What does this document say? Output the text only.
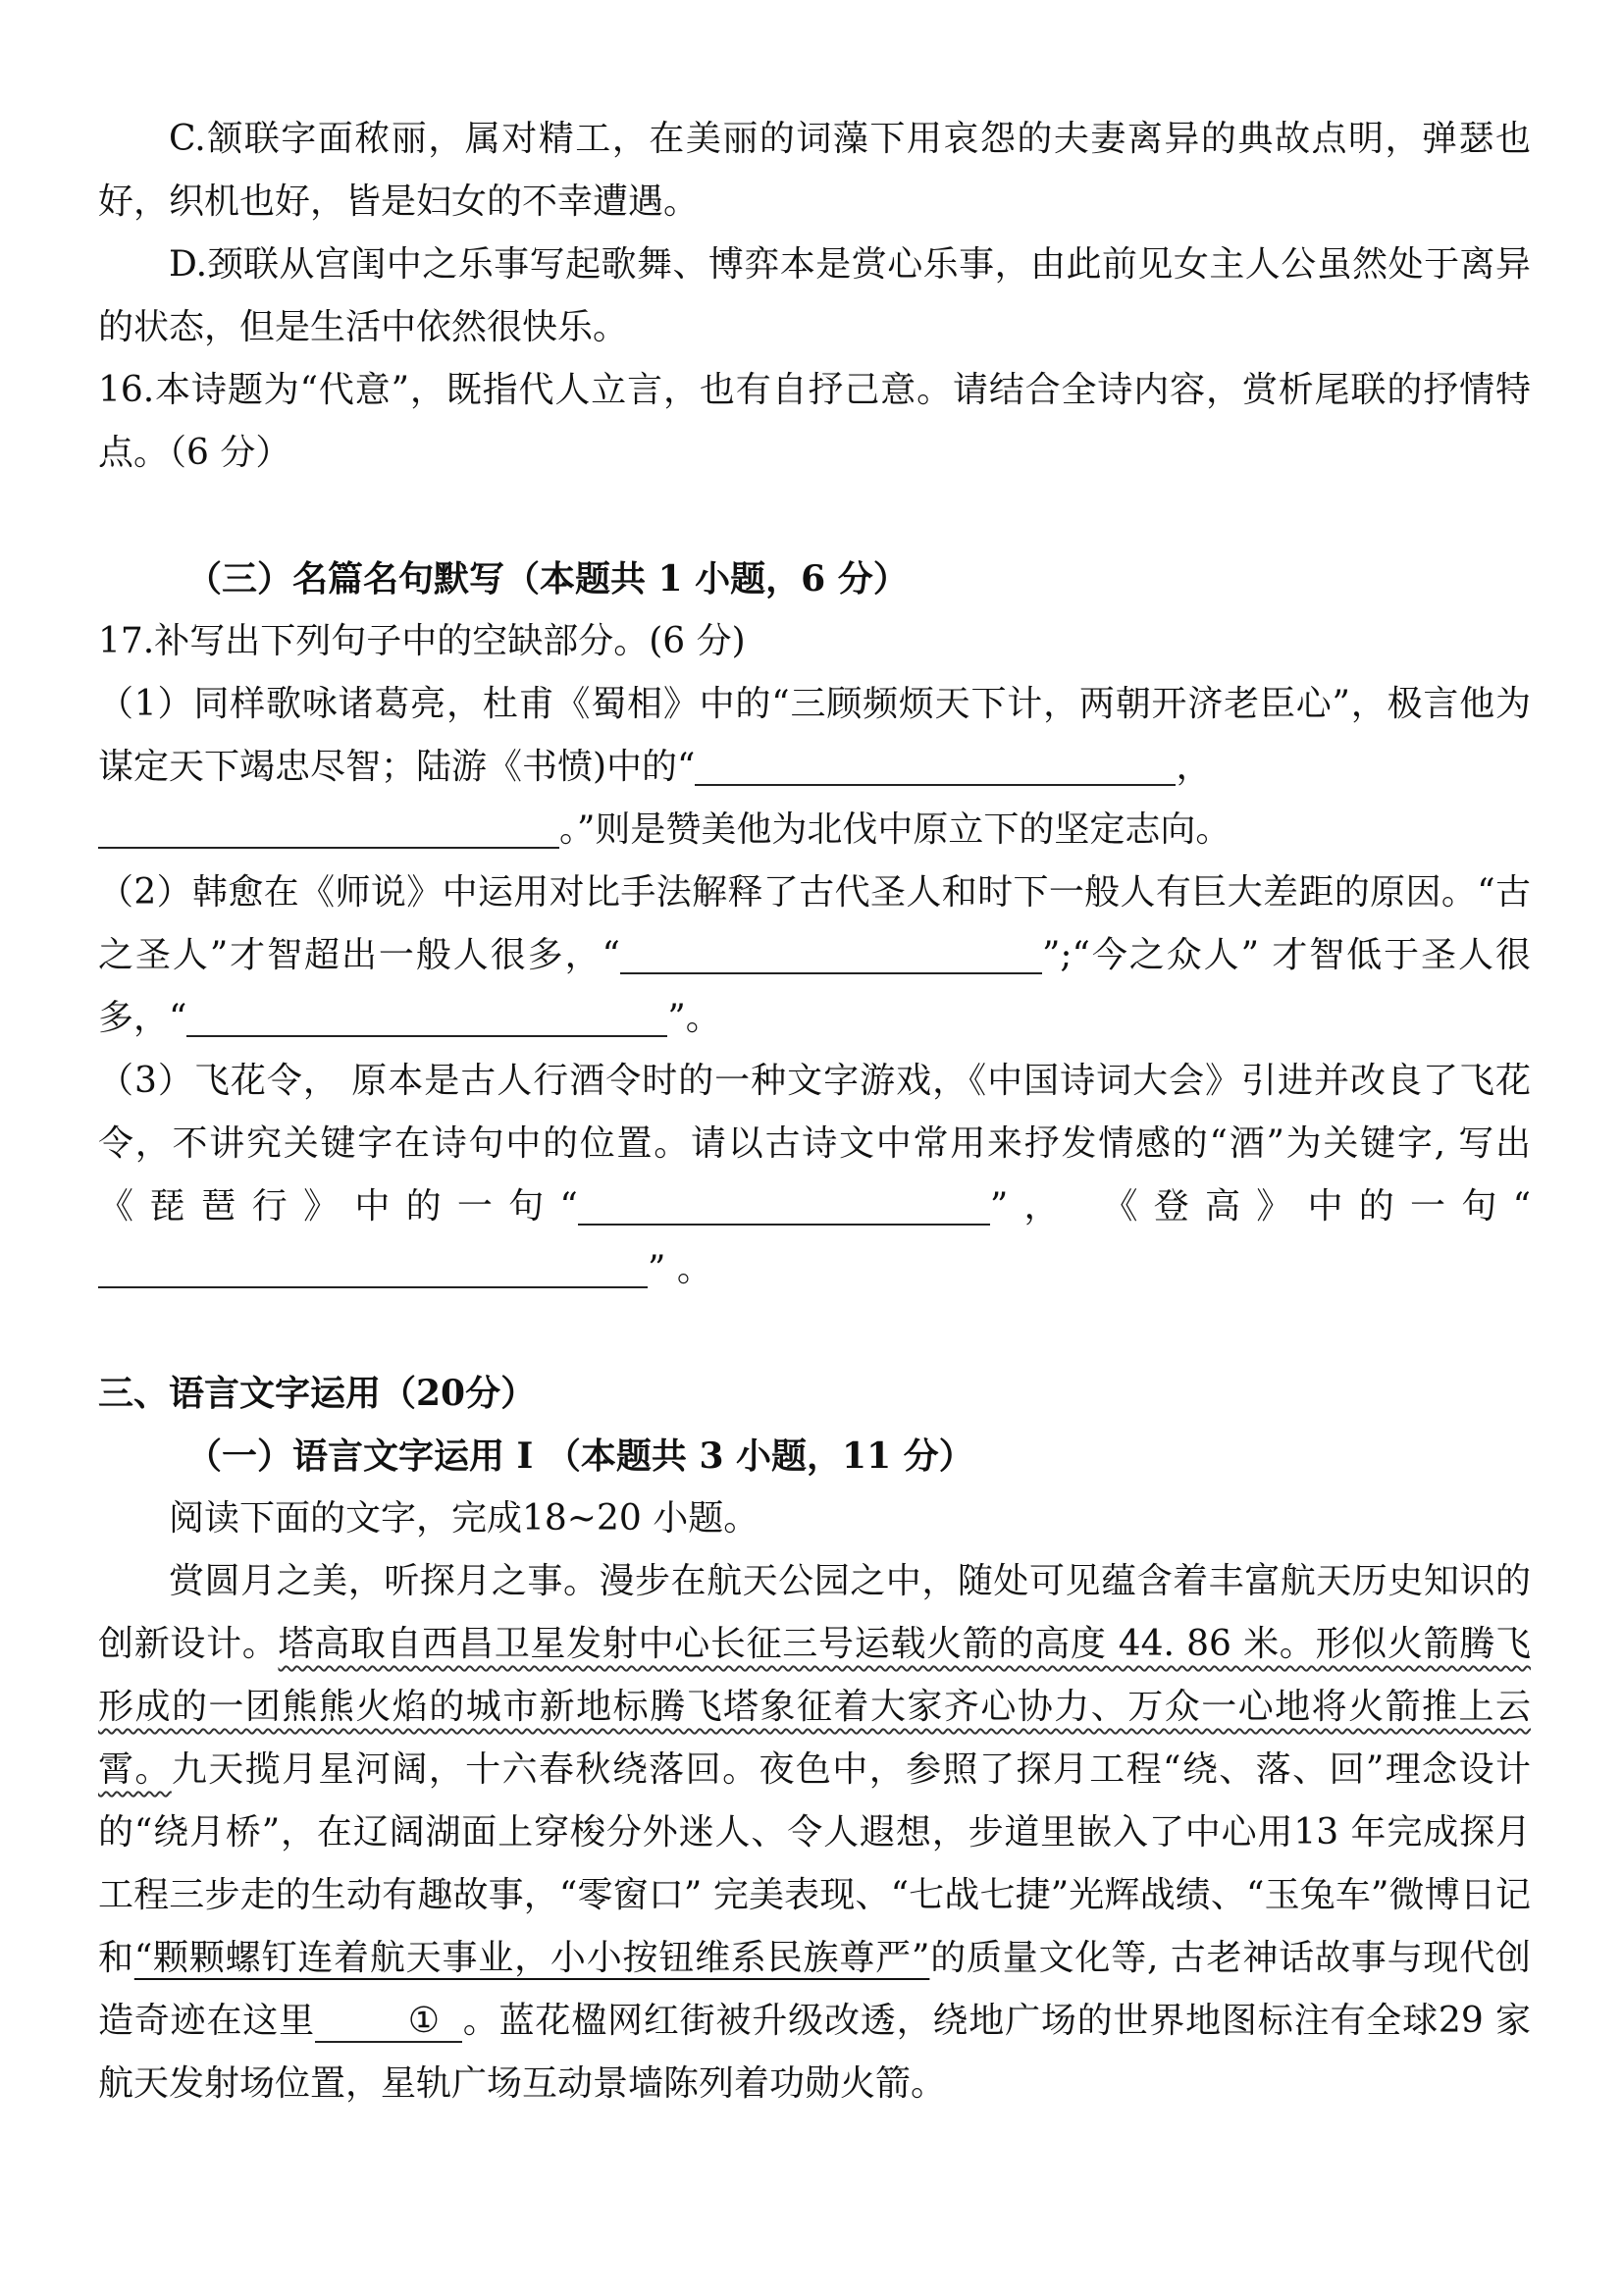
C.颔联字面秾丽，属对精工，在美丽的词藻下用哀怨的夫妻离异的典故点明，弹瑟也好，织机也好，皆是妇女的不幸遭遇。

D.颈联从宫闺中之乐事写起歌舞、博弈本是赏心乐事，由此前见女主人公虽然处于离异的状态，但是生活中依然很快乐。

16.本诗题为“代意”，既指代人立言，也有自抒己意。请结合全诗内容，赏析尾联的抒情特点。（6 分）

（三）名篇名句默写（本题共 1 小题，6 分）

17.补写出下列句子中的空缺部分。(6 分)

（1）同样歌咏诸葛亮，杜甫《蜀相》中的“三顾频烦天下计，两朝开济老臣心”，极言他为谋定天下竭忠尽智；陆游《书愤)中的“	，
。”则是赞美他为北伐中原立下的坚定志向。

（2）韩愈在《师说》中运用对比手法解释了古代圣人和时下一般人有巨大差距的原因。“古之圣人”才智超出一般人很多，“	”;“今之众人” 才智低于圣人很多，“	”。

（3）飞花令， 原本是古人行酒令时的一种文字游戏，《中国诗词大会》引进并改良了飞花令，不讲究关键字在诗句中的位置。请以古诗文中常用来抒发情感的“酒”为关键字, 写出《琵琶行》中的一句“	”， 《登高》中的一句“” 。

三、语言文字运用（20分）

（一）语言文字运用 I （本题共 3 小题，11 分）

阅读下面的文字，完成18~20 小题。

赏圆月之美，听探月之事。漫步在航天公园之中，随处可见蕴含着丰富航天历史知识的创新设计。塔高取自西昌卫星发射中心长征三号运载火箭的高度 44. 86 米。形似火箭腾飞形成的一团熊熊火焰的城市新地标腾飞塔象征着大家齐心协力、万众一心地将火箭推上云霄。九天揽月星河阔，十六春秋绕落回。夜色中，参照了探月工程“绕、落、回”理念设计的“绕月桥”，在辽阔湖面上穿梭分外迷人、令人遐想，步道里嵌入了中心用13 年完成探月工程三步走的生动有趣故事，“零窗口” 完美表现、“七战七捷”光辉战绩、“玉兔车”微博日记和“颗颗螺钉连着航天事业，小小按钮维系民族尊严”的质量文化等, 古老神话故事与现代创造奇迹在这里	① 。蓝花楹网红街被升级改透，绕地广场的世界地图标注有全球29 家航天发射场位置，星轨广场互动景墙陈列着功勋火箭。
